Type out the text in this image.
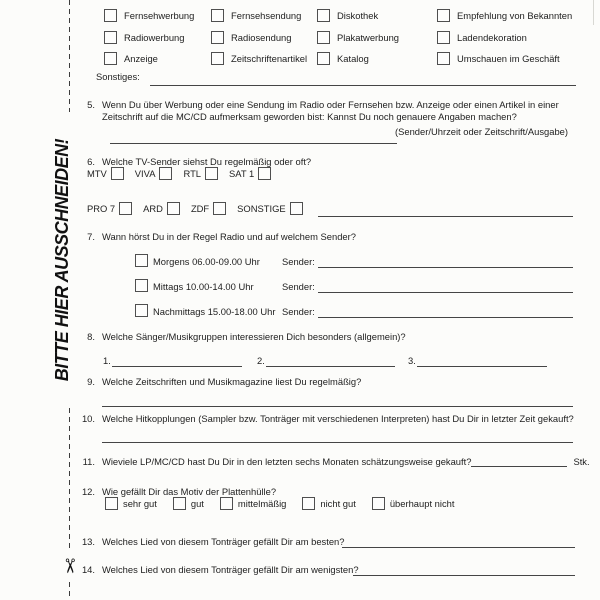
BITTE HIER AUSSCHNEIDEN!
✂
Fernsehwerbung	Fernsehsendung	Diskothek	Empfehlung von Bekannten
Radiowerbung	Radiosendung	Plakatwerbung	Ladendekoration
Anzeige	Zeitschriftenartikel	Katalog	Umschauen im Geschäft
Sonstiges:
5. Wenn Du über Werbung oder eine Sendung im Radio oder Fernsehen bzw. Anzeige oder einen Artikel in einer Zeitschrift auf die MC/CD aufmerksam geworden bist: Kannst Du noch genauere Angaben machen?
(Sender/Uhrzeit oder Zeitschrift/Ausgabe)
6. Welche TV-Sender siehst Du regelmäßig oder oft?
MTV	VIVA	RTL	SAT 1
PRO 7	ARD	ZDF	SONSTIGE
7. Wann hörst Du in der Regel Radio und auf welchem Sender?
Morgens 06.00-09.00 Uhr Sender:
Mittags 10.00-14.00 Uhr	Sender:
Nachmittags 15.00-18.00 Uhr Sender:
8. Welche Sänger/Musikgruppen interessieren Dich besonders (allgemein)?
1.	2.	3.
9. Welche Zeitschriften und Musikmagazine liest Du regelmäßig?
10. Welche Hitkopplungen (Sampler bzw. Tonträger mit verschiedenen Interpreten) hast Du Dir in letzter Zeit gekauft?
11. Wieviele LP/MC/CD hast Du Dir in den letzten sechs Monaten schätzungsweise gekauft?	Stk.
12. Wie gefällt Dir das Motiv der Plattenhülle?
sehr gut	gut	mittelmäßig	nicht gut	überhaupt nicht
13. Welches Lied von diesem Tonträger gefällt Dir am besten?
14. Welches Lied von diesem Tonträger gefällt Dir am wenigsten?
